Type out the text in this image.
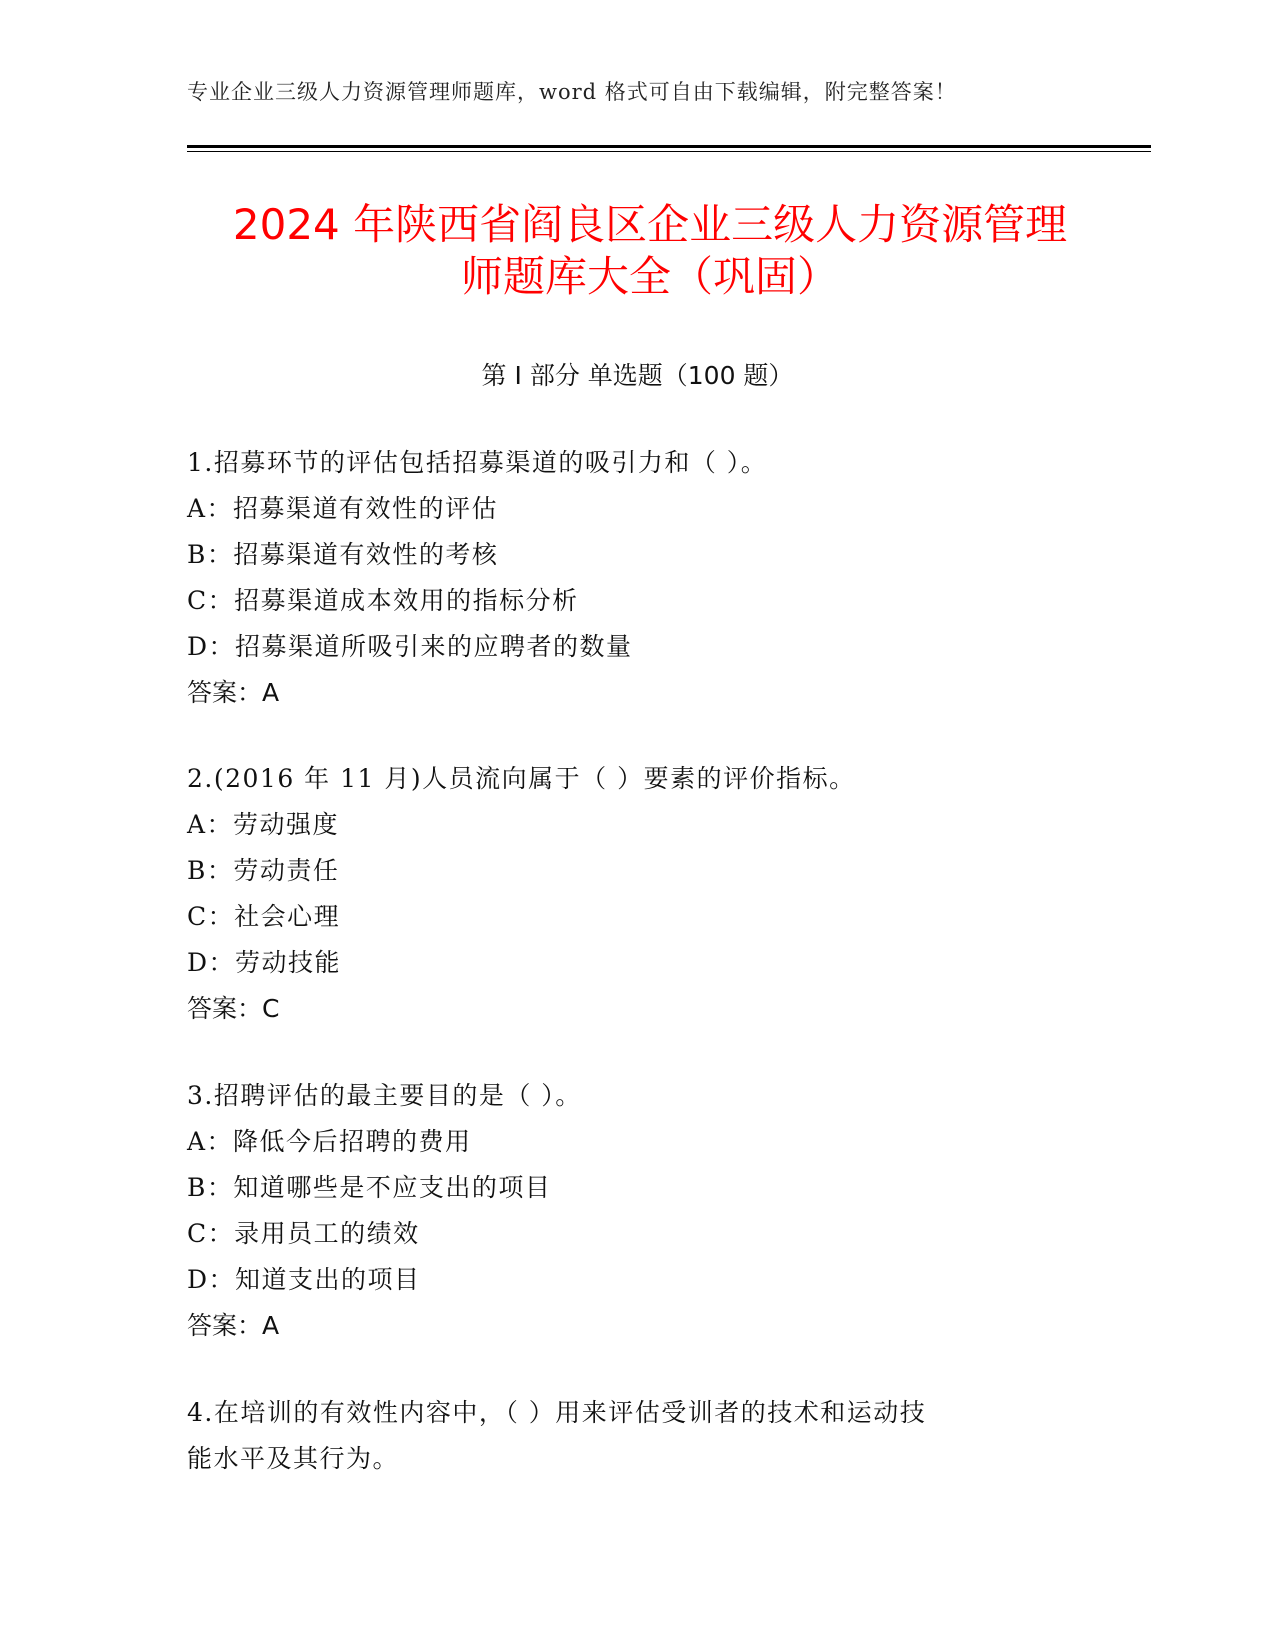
专业企业三级人力资源管理师题库，word 格式可自由下载编辑，附完整答案！
2024 年陕西省阎良区企业三级人力资源管理
师题库大全（巩固）
第 I 部分 单选题（100 题）
1.招募环节的评估包括招募渠道的吸引力和（ ）。
A：招募渠道有效性的评估
B：招募渠道有效性的考核
C：招募渠道成本效用的指标分析
D：招募渠道所吸引来的应聘者的数量
答案：A
2.(2016 年 11 月)人员流向属于（ ）要素的评价指标。
A：劳动强度
B：劳动责任
C：社会心理
D：劳动技能
答案：C
3.招聘评估的最主要目的是（ ）。
A：降低今后招聘的费用
B：知道哪些是不应支出的项目
C：录用员工的绩效
D：知道支出的项目
答案：A
4.在培训的有效性内容中，（ ）用来评估受训者的技术和运动技
能水平及其行为。
